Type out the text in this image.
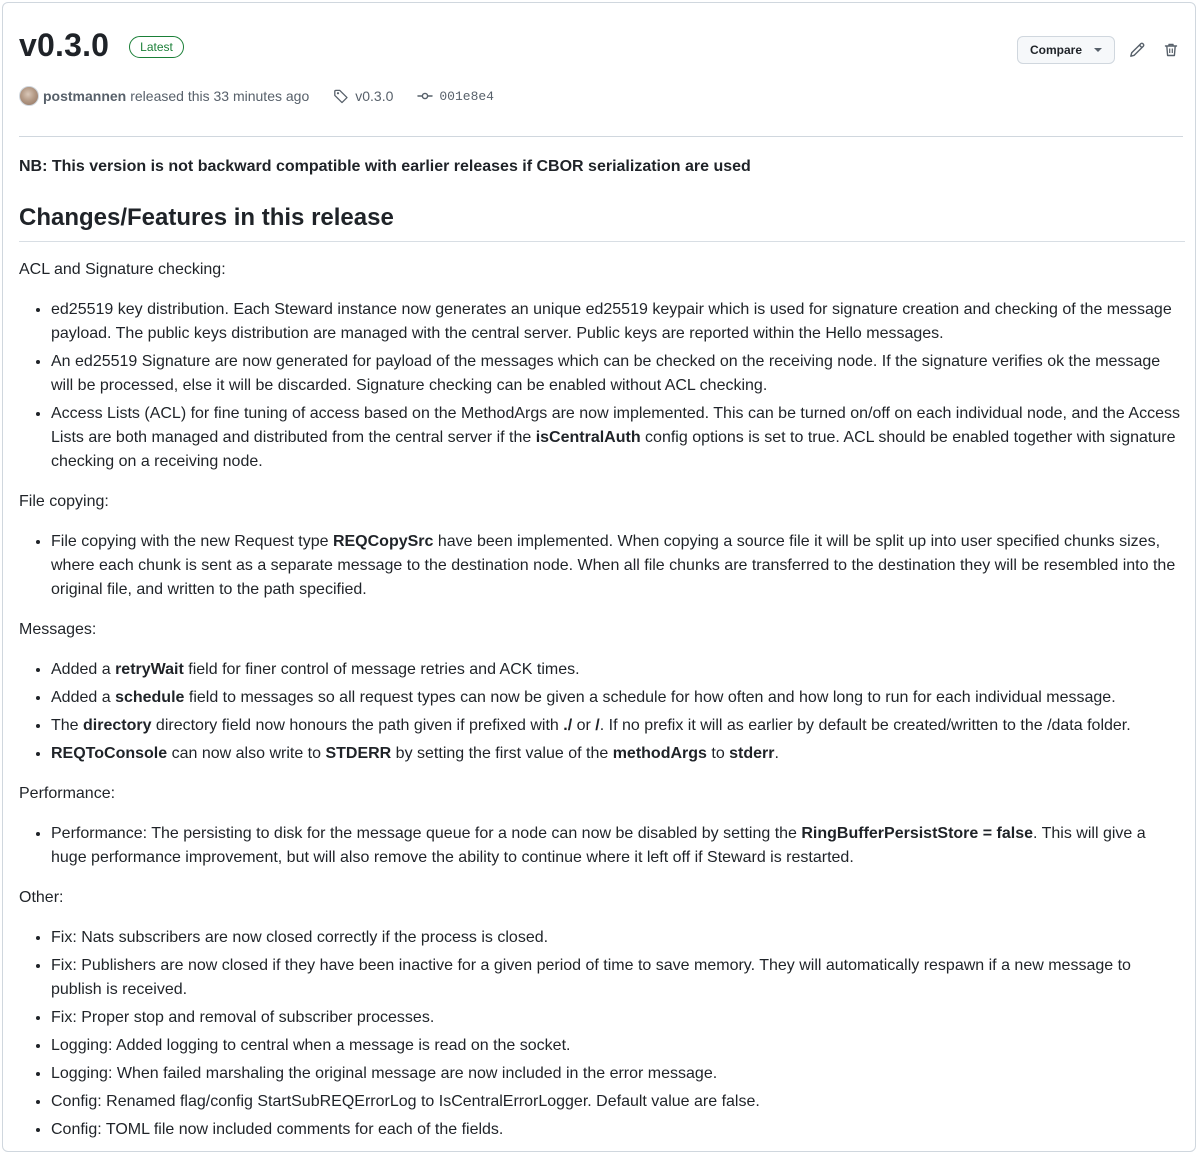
v0.3.0	Latest	Compare
postmannen released this 33 minutes ago	v0.3.0	001e8e4

NB: This version is not backward compatible with earlier releases if CBOR serialization are used

Changes/Features in this release

ACL and Signature checking:

• ed25519 key distribution. Each Steward instance now generates an unique ed25519 keypair which is used for signature creation and checking of the message payload. The public keys distribution are managed with the central server. Public keys are reported within the Hello messages.
• An ed25519 Signature are now generated for payload of the messages which can be checked on the receiving node. If the signature verifies ok the message will be processed, else it will be discarded. Signature checking can be enabled without ACL checking.
• Access Lists (ACL) for fine tuning of access based on the MethodArgs are now implemented. This can be turned on/off on each individual node, and the Access Lists are both managed and distributed from the central server if the isCentralAuth config options is set to true. ACL should be enabled together with signature checking on a receiving node.

File copying:

• File copying with the new Request type REQCopySrc have been implemented. When copying a source file it will be split up into user specified chunks sizes, where each chunk is sent as a separate message to the destination node. When all file chunks are transferred to the destination they will be resembled into the original file, and written to the path specified.

Messages:

• Added a retryWait field for finer control of message retries and ACK times.
• Added a schedule field to messages so all request types can now be given a schedule for how often and how long to run for each individual message.
• The directory directory field now honours the path given if prefixed with ./ or /. If no prefix it will as earlier by default be created/written to the /data folder.
• REQToConsole can now also write to STDERR by setting the first value of the methodArgs to stderr.

Performance:

• Performance: The persisting to disk for the message queue for a node can now be disabled by setting the RingBufferPersistStore = false. This will give a huge performance improvement, but will also remove the ability to continue where it left off if Steward is restarted.

Other:

• Fix: Nats subscribers are now closed correctly if the process is closed.
• Fix: Publishers are now closed if they have been inactive for a given period of time to save memory. They will automatically respawn if a new message to publish is received.
• Fix: Proper stop and removal of subscriber processes.
• Logging: Added logging to central when a message is read on the socket.
• Logging: When failed marshaling the original message are now included in the error message.
• Config: Renamed flag/config StartSubREQErrorLog to IsCentralErrorLogger. Default value are false.
• Config: TOML file now included comments for each of the fields.
